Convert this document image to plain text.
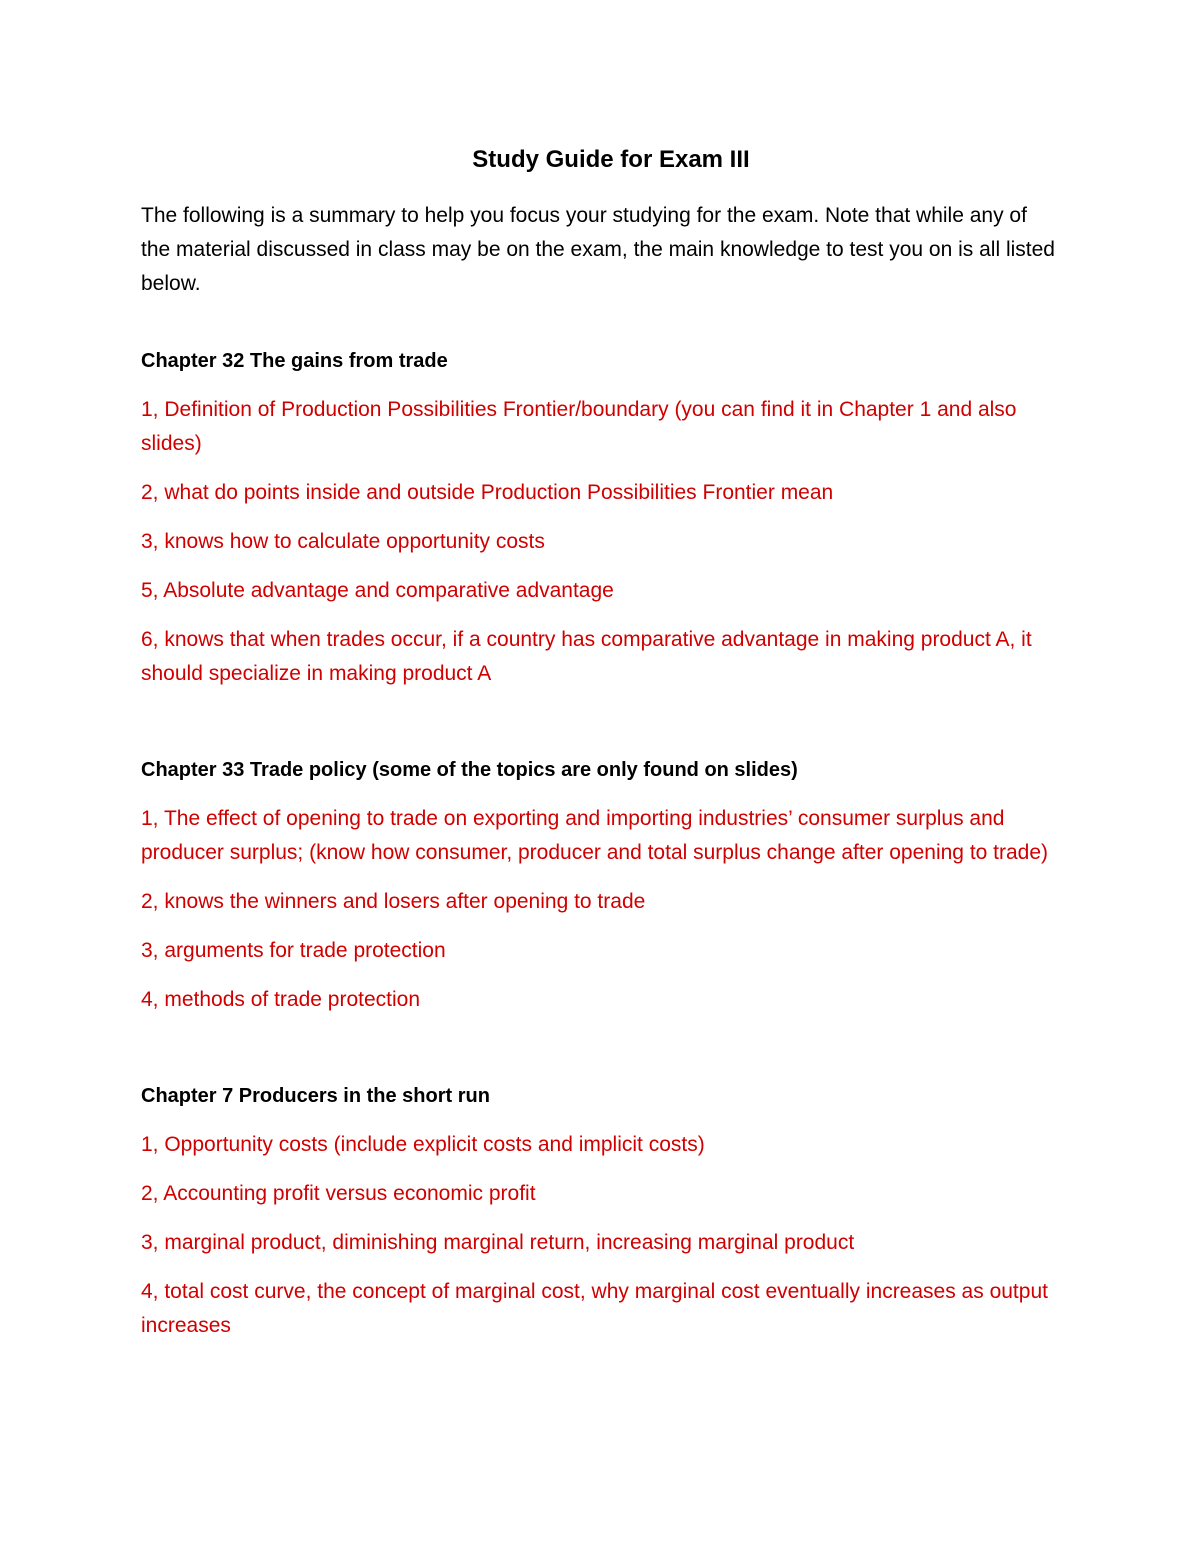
Study Guide for Exam III
The following is a summary to help you focus your studying for the exam. Note that while any of the material discussed in class may be on the exam, the main knowledge to test you on is all listed below.
Chapter 32 The gains from trade
1, Definition of Production Possibilities Frontier/boundary (you can find it in Chapter 1 and also slides)
2, what do points inside and outside Production Possibilities Frontier mean
3, knows how to calculate opportunity costs
5, Absolute advantage and comparative advantage
6, knows that when trades occur, if a country has comparative advantage in making product A, it should specialize in making product A
Chapter 33 Trade policy (some of the topics are only found on slides)
1, The effect of opening to trade on exporting and importing industries’ consumer surplus and producer surplus; (know how consumer, producer and total surplus change after opening to trade)
2, knows the winners and losers after opening to trade
3, arguments for trade protection
4, methods of trade protection
Chapter 7 Producers in the short run
1, Opportunity costs (include explicit costs and implicit costs)
2, Accounting profit versus economic profit
3, marginal product, diminishing marginal return, increasing marginal product
4, total cost curve, the concept of marginal cost, why marginal cost eventually increases as output increases
